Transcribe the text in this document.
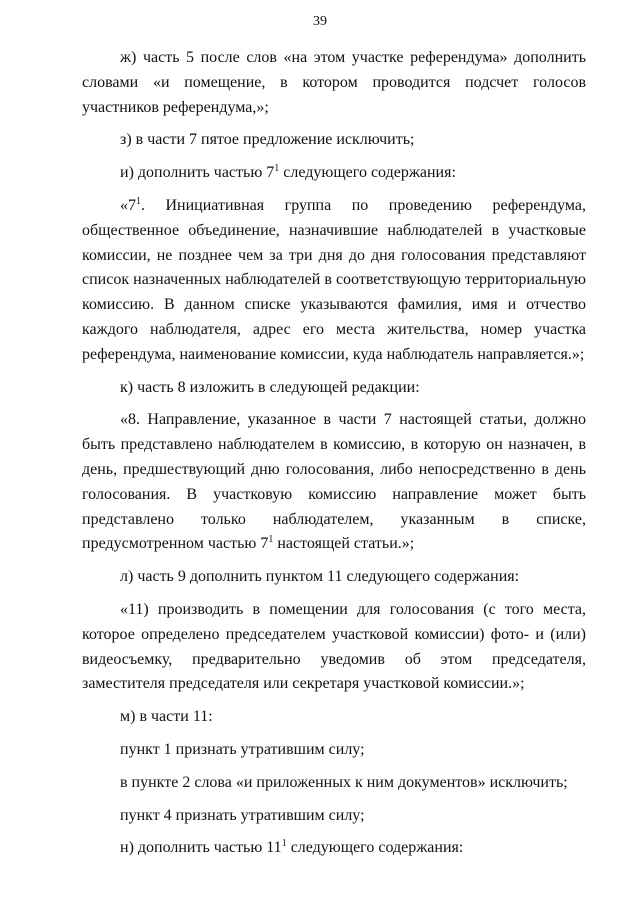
39

ж) часть 5 после слов «на этом участке референдума» дополнить словами «и помещение, в котором проводится подсчет голосов участников референдума,»;

з) в части 7 пятое предложение исключить;

и) дополнить частью $7^1$ следующего содержания:

«$7^1$. Инициативная группа по проведению референдума, общественное объединение, назначившие наблюдателей в участковые комиссии, не позднее чем за три дня до дня голосования представляют список назначенных наблюдателей в соответствующую территориальную комиссию. В данном списке указываются фамилия, имя и отчество каждого наблюдателя, адрес его места жительства, номер участка референдума, наименование комиссии, куда наблюдатель направляется.»;

к) часть 8 изложить в следующей редакции:

«8. Направление, указанное в части 7 настоящей статьи, должно быть представлено наблюдателем в комиссию, в которую он назначен, в день, предшествующий дню голосования, либо непосредственно в день голосования. В участковую комиссию направление может быть представлено только наблюдателем, указанным в списке, предусмотренном частью $7^1$ настоящей статьи.»;

л) часть 9 дополнить пунктом 11 следующего содержания:

«11) производить в помещении для голосования (с того места, которое определено председателем участковой комиссии) фото- и (или) видеосъемку, предварительно уведомив об этом председателя, заместителя председателя или секретаря участковой комиссии.»;

м) в части 11:

пункт 1 признать утратившим силу;

в пункте 2 слова «и приложенных к ним документов» исключить;

пункт 4 признать утратившим силу;

н) дополнить частью $11^1$ следующего содержания:
